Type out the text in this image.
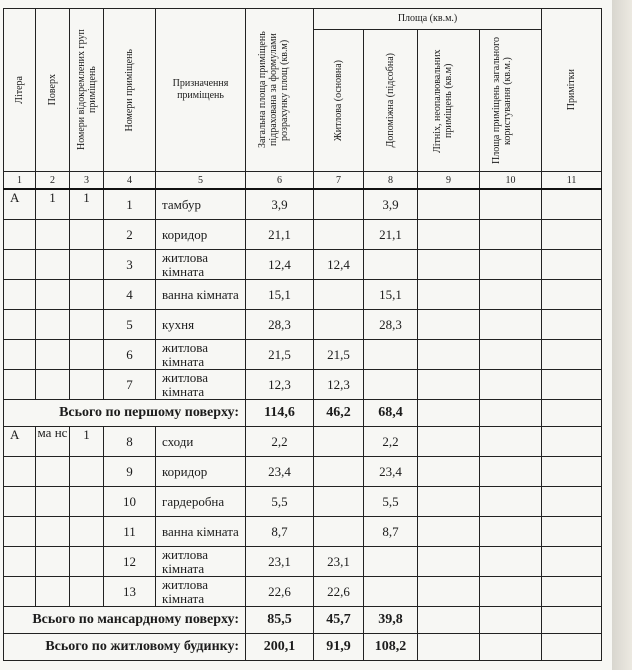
Літера	Поверх	Номери відокремлених груп приміщень	Номери приміщень	Призначення приміщень	Загальна площа приміщень підрахована за формулами розрахунку площ (кв.м)	Площа (кв.м.)				Примітки

						Житлова (основна)	Допоміжна (підсобна)	Літніх, неопалювальних приміщень (кв.м)	Площа приміщень загального користування (кв.м.)	

1	2	3	4	5	6	7	8	9	10	11
А	1	1	1	тамбур	3,9		3,9			
			2	коридор	21,1		21,1			
			3	житлова кімната	12,4	12,4				
			4	ванна кімната	15,1		15,1			
			5	кухня	28,3		28,3			
			6	житлова кімната	21,5	21,5				
			7	житлова кімната	12,3	12,3				
Всього по першому поверху:					114,6	46,2	68,4			
А	ма нс	1	8	сходи	2,2		2,2			
			9	коридор	23,4		23,4			
			10	гардеробна	5,5		5,5			
			11	ванна кімната	8,7		8,7			
			12	житлова кімната	23,1	23,1				
			13	житлова кімната	22,6	22,6				
Всього по мансардному поверху:					85,5	45,7	39,8			
Всього по житловому будинку:					200,1	91,9	108,2			
